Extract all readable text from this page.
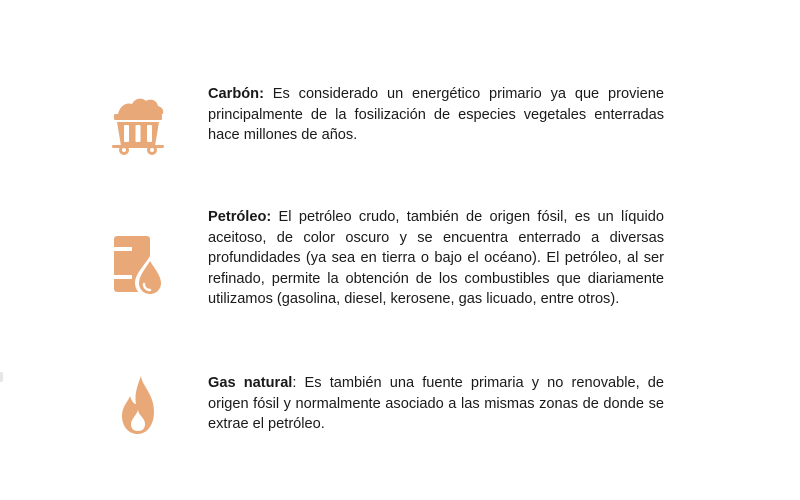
Carbón: Es considerado un energético primario ya que proviene principalmente de la fosilización de especies vegetales enterradas hace millones de años.
Petróleo: El petróleo crudo, también de origen fósil, es un líquido aceitoso, de color oscuro y se encuentra enterrado a diversas profundidades (ya sea en tierra o bajo el océano). El petróleo, al ser refinado, permite la obtención de los combustibles que diariamente utilizamos (gasolina, diesel, kerosene, gas licuado, entre otros).
Gas natural: Es también una fuente primaria y no renovable, de origen fósil y normalmente asociado a las mismas zonas de donde se extrae el petróleo.
